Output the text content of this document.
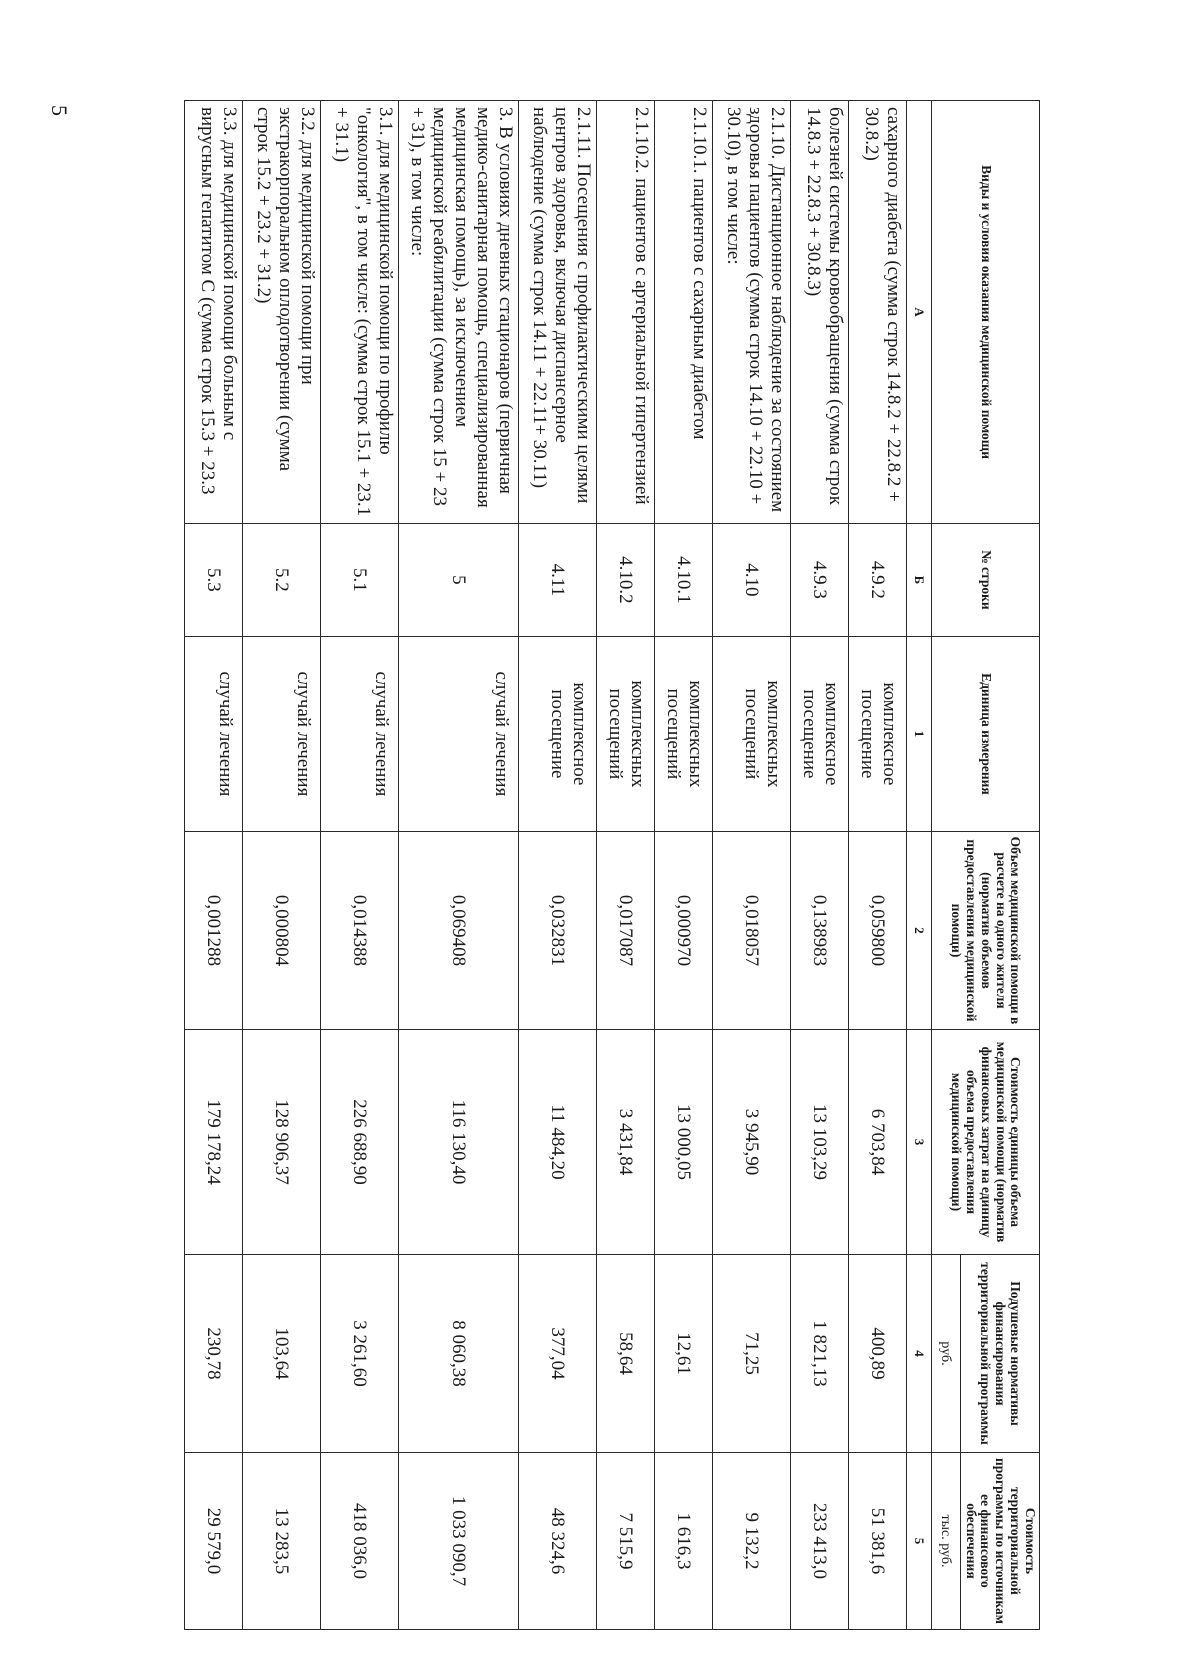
5
Виды и условия оказания медицинской помощи	№ строки	Единица измерения	Объем медицинской помощи в расчете на одного жителя (норматив объемов предоставления медицинской помощи)	Стоимость единицы объема медицинской помощи (норматив финансовых затрат на единицу объема предоставления медицинской помощи)	Подушевые нормативы финансирования территориальной программы	Стоимость территориальной программы по источникам ее финансового обеспечения
					руб.	тыс. руб.
А	Б	1	2	3	4	5
сахарного диабета (сумма строк 14.8.2 + 22.8.2 + 30.8.2)	4.9.2	комплексное посещение	0,059800	6 703,84	400,89	51 381,6
болезней системы кровообращения (сумма строк 14.8.3 + 22.8.3 + 30.8.3)	4.9.3	комплексное посещение	0,138983	13 103,29	1 821,13	233 413,0
2.1.10. Дистанционное наблюдение за состоянием здоровья пациентов (сумма строк 14.10 + 22.10 + 30.10), в том числе:	4.10	комплексных посещений	0,018057	3 945,90	71,25	9 132,2
2.1.10.1. пациентов с сахарным диабетом	4.10.1	комплексных посещений	0,000970	13 000,05	12,61	1 616,3
2.1.10.2. пациентов с артериальной гипертензией	4.10.2	комплексных посещений	0,017087	3 431,84	58,64	7 515,9
2.1.11. Посещения с профилактическими целями центров здоровья, включая диспансерное наблюдение (сумма строк 14.11 + 22.11+ 30.11)	4.11	комплексное посещение	0,032831	11 484,20	377,04	48 324,6
3. В условиях дневных стационаров (первичная медико-санитарная помощь, специализированная медицинская помощь), за исключением медицинской реабилитации (сумма строк 15 + 23 + 31), в том числе:	5	случай лечения	0,069408	116 130,40	8 060,38	1 033 090,7
3.1. для медицинской помощи по профилю "онкология", в том числе: (сумма строк 15.1 + 23.1 + 31.1)	5.1	случай лечения	0,014388	226 688,90	3 261,60	418 036,0
3.2. для медицинской помощи при экстракорпоральном оплодотворении (сумма строк 15.2 + 23.2 + 31.2)	5.2	случай лечения	0,000804	128 906,37	103,64	13 283,5
3.3. для медицинской помощи больным с вирусным гепатитом С (сумма строк 15.3 + 23.3	5.3	случай лечения	0,001288	179 178,24	230,78	29 579,0
